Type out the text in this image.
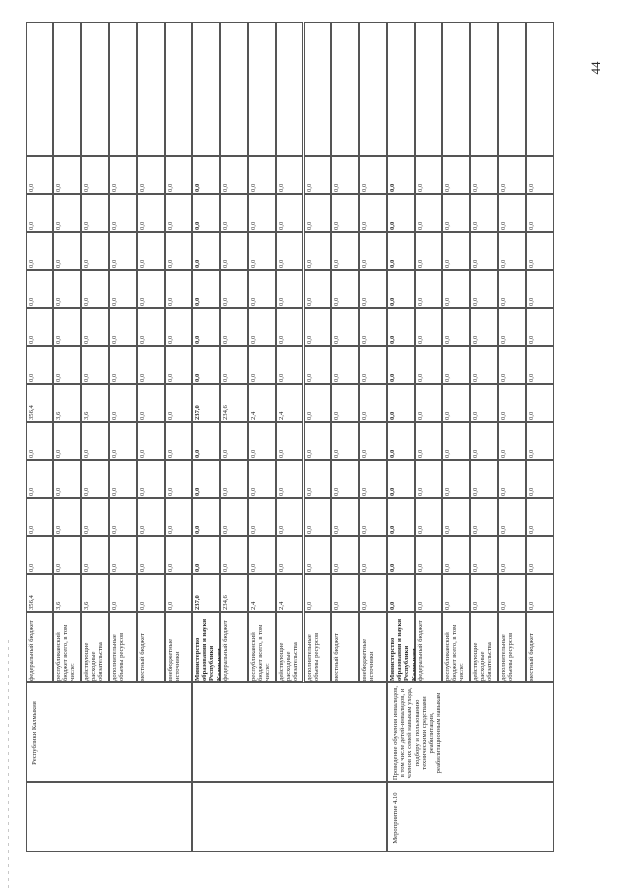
44
356,4
0,0
0,0
0,0
0,0
356,4
0,0
0,0
0,0
0,0
0,0
0,0
федеральный бюджет
3,6
0,0
0,0
0,0
0,0
3,6
0,0
0,0
0,0
0,0
0,0
0,0
республиканский бюджет всего, в том числе:
3,6
0,0
0,0
0,0
0,0
3,6
0,0
0,0
0,0
0,0
0,0
0,0
действующие расходные обязательства
0,0
0,0
0,0
0,0
0,0
0,0
0,0
0,0
0,0
0,0
0,0
0,0
дополнительные объемы ресурсов
0,0
0,0
0,0
0,0
0,0
0,0
0,0
0,0
0,0
0,0
0,0
0,0
местный бюджет
0,0
0,0
0,0
0,0
0,0
0,0
0,0
0,0
0,0
0,0
0,0
0,0
внебюджетные источники
237,0
0,0
0,0
0,0
0,0
237,0
0,0
0,0
0,0
0,0
0,0
0,0
Министерство образования и науки Республики Калмыкия
234,6
0,0
0,0
0,0
0,0
234,6
0,0
0,0
0,0
0,0
0,0
0,0
федеральный бюджет
2,4
0,0
0,0
0,0
0,0
2,4
0,0
0,0
0,0
0,0
0,0
0,0
республиканский бюджет всего, в том числе:
2,4
0,0
0,0
0,0
0,0
2,4
0,0
0,0
0,0
0,0
0,0
0,0
действующие расходные обязательства
0,0
0,0
0,0
0,0
0,0
0,0
0,0
0,0
0,0
0,0
0,0
0,0
дополнительные объемы ресурсов
0,0
0,0
0,0
0,0
0,0
0,0
0,0
0,0
0,0
0,0
0,0
0,0
местный бюджет
0,0
0,0
0,0
0,0
0,0
0,0
0,0
0,0
0,0
0,0
0,0
0,0
внебюджетные источники
0,0
0,0
0,0
0,0
0,0
0,0
0,0
0,0
0,0
0,0
0,0
0,0
Министерство образования и науки Республики Калмыкия
0,0
0,0
0,0
0,0
0,0
0,0
0,0
0,0
0,0
0,0
0,0
0,0
федеральный бюджет
0,0
0,0
0,0
0,0
0,0
0,0
0,0
0,0
0,0
0,0
0,0
0,0
республиканский бюджет всего, в том числе:
0,0
0,0
0,0
0,0
0,0
0,0
0,0
0,0
0,0
0,0
0,0
0,0
действующие расходные обязательства
0,0
0,0
0,0
0,0
0,0
0,0
0,0
0,0
0,0
0,0
0,0
0,0
дополнительные объемы ресурсов
0,0
0,0
0,0
0,0
0,0
0,0
0,0
0,0
0,0
0,0
0,0
0,0
местный бюджет
Республики Калмыкия	Проведение обучения инвалидов, в том числе детей-инвалидов, и членов их семей навыкам ухода, подбору и пользованию техническими средствами реабилитации, реабилитационным навыкам
Мероприятие 4.10
